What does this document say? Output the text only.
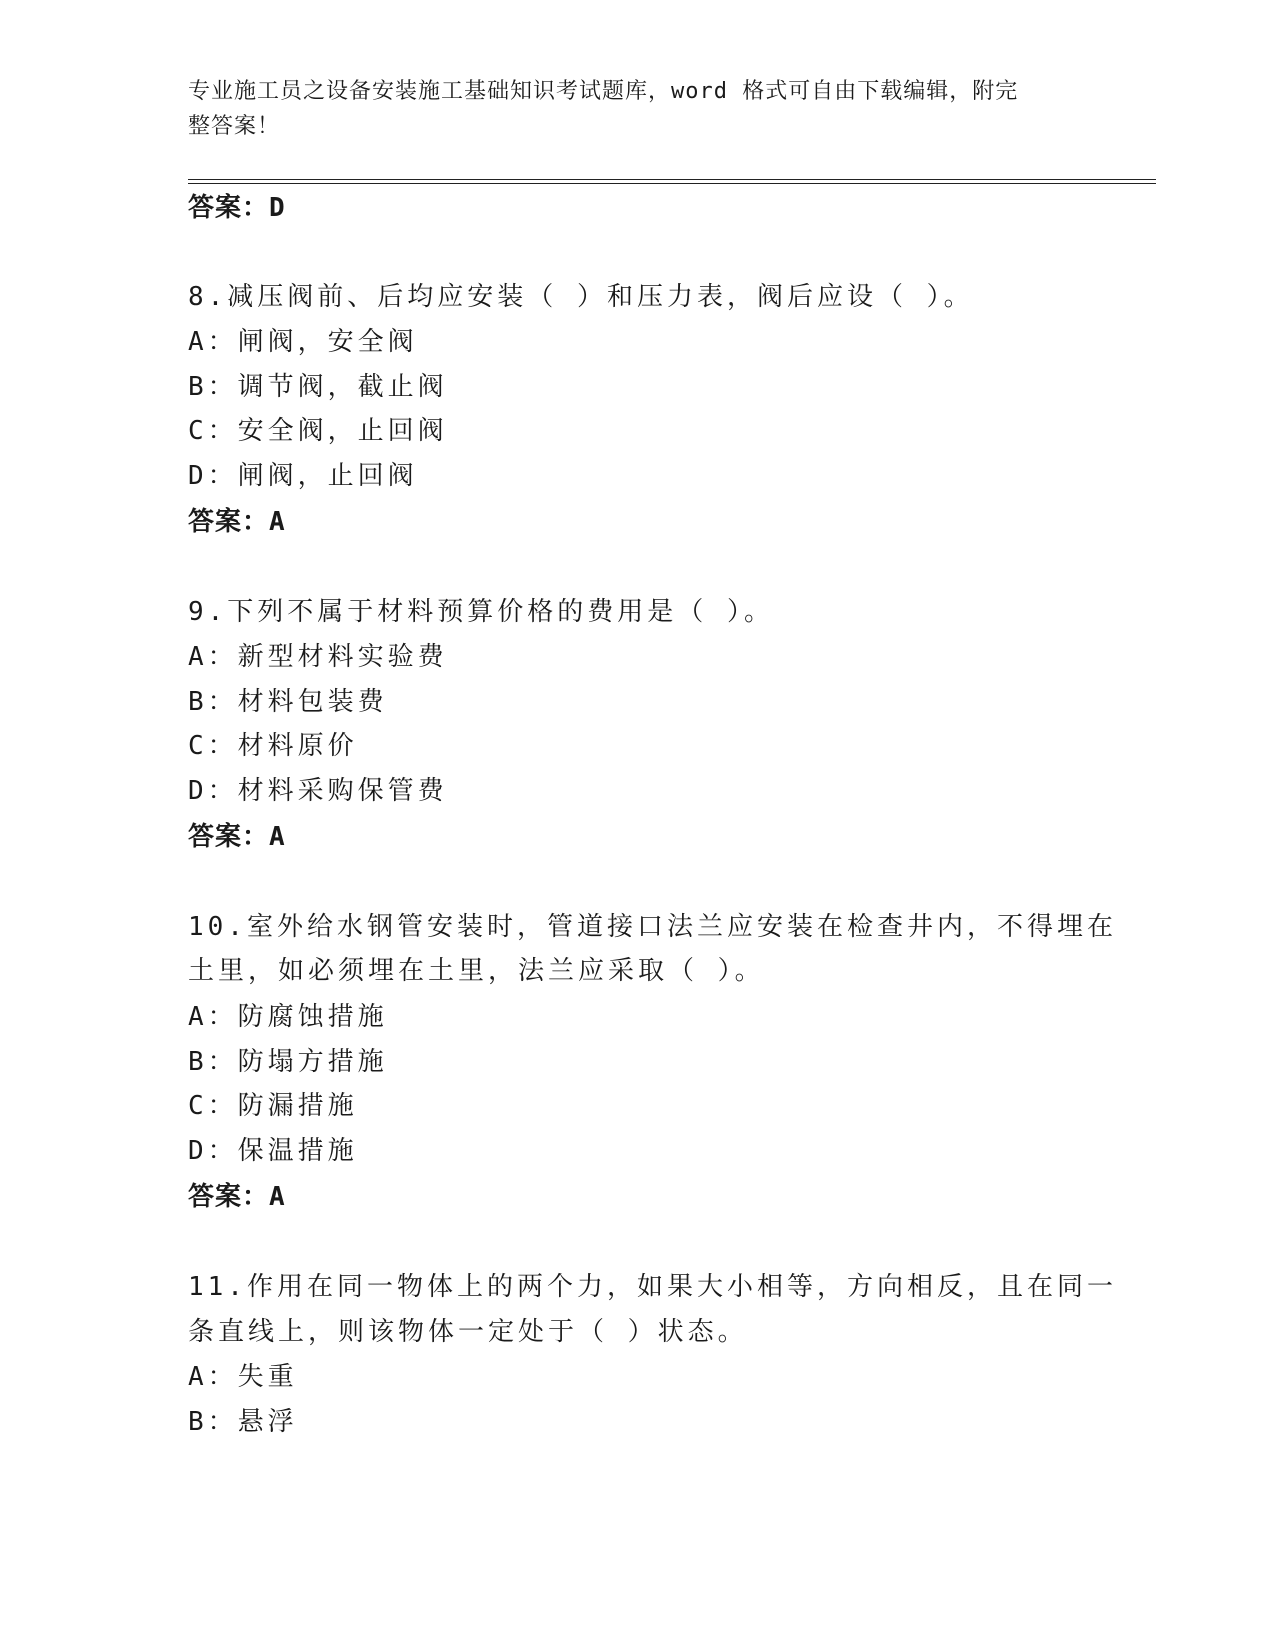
专业施工员之设备安装施工基础知识考试题库，word 格式可自由下载编辑，附完
整答案！
答案：D
8.减压阀前、后均应安装（ ）和压力表，阀后应设（ ）。
A：闸阀，安全阀
B：调节阀，截止阀
C：安全阀，止回阀
D：闸阀，止回阀
答案：A
9.下列不属于材料预算价格的费用是（ ）。
A：新型材料实验费
B：材料包装费
C：材料原价
D：材料采购保管费
答案：A
10.室外给水钢管安装时，管道接口法兰应安装在检查井内，不得埋在
土里，如必须埋在土里，法兰应采取（ ）。
A：防腐蚀措施
B：防塌方措施
C：防漏措施
D：保温措施
答案：A
11.作用在同一物体上的两个力，如果大小相等，方向相反，且在同一
条直线上，则该物体一定处于（ ）状态。
A：失重
B：悬浮
